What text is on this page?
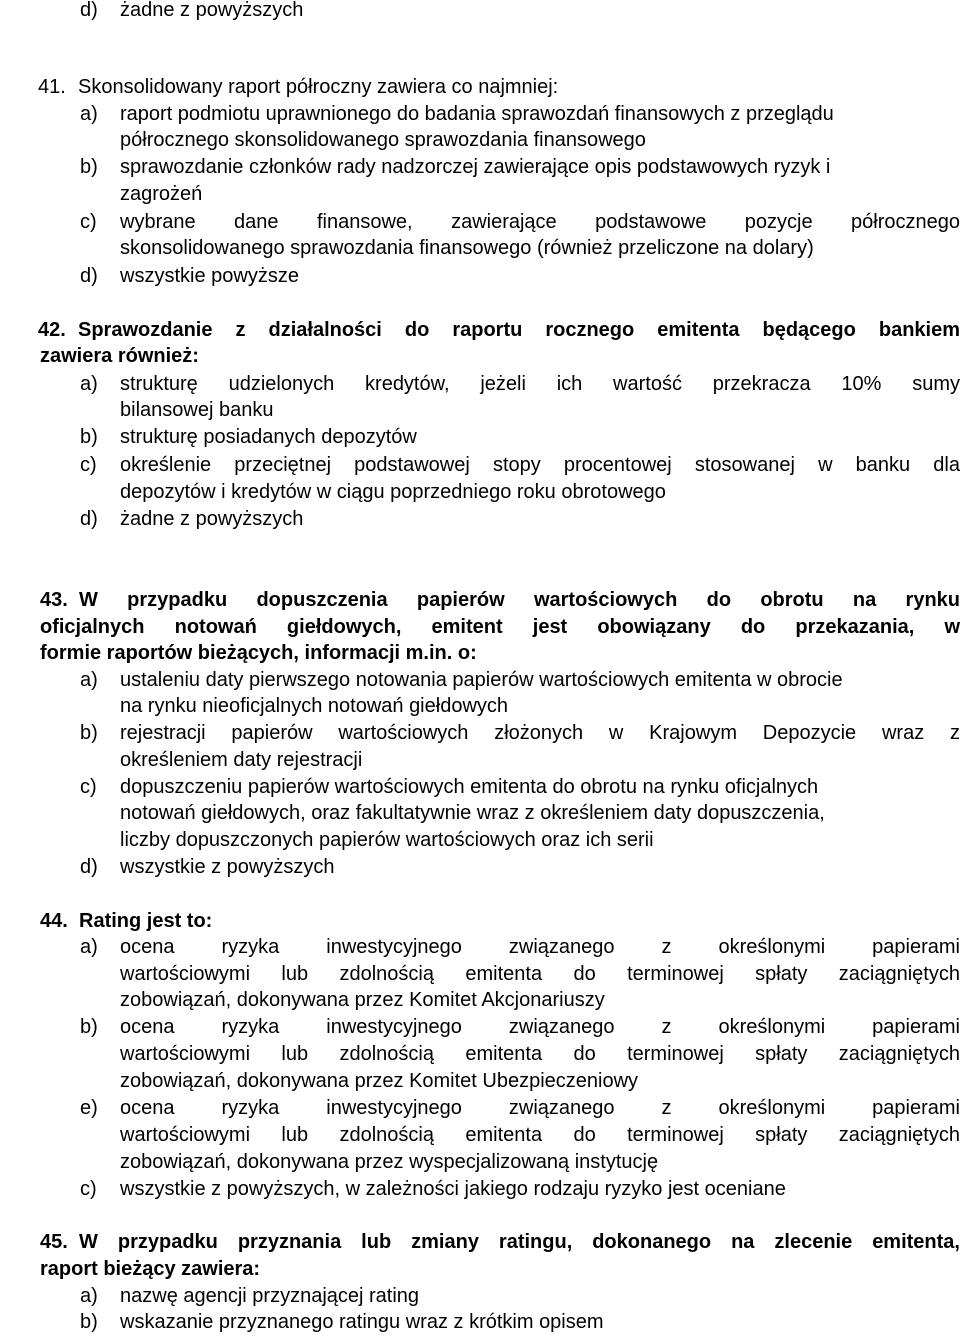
d) żadne z powyższych
41. Skonsolidowany raport półroczny zawiera co najmniej:
a) raport podmiotu uprawnionego do badania sprawozdań finansowych z przeglądu
półrocznego skonsolidowanego sprawozdania finansowego
b) sprawozdanie członków rady nadzorczej zawierające opis podstawowych ryzyk i
zagrożeń
c) wybrane dane finansowe, zawierające podstawowe pozycje półrocznego
skonsolidowanego sprawozdania finansowego (również przeliczone na dolary)
d) wszystkie powyższe
42. Sprawozdanie z działalności do raportu rocznego emitenta będącego bankiem
zawiera również:
a) strukturę udzielonych kredytów, jeżeli ich wartość przekracza 10% sumy
bilansowej banku
b) strukturę posiadanych depozytów
c) określenie przeciętnej podstawowej stopy procentowej stosowanej w banku dla
depozytów i kredytów w ciągu poprzedniego roku obrotowego
d) żadne z powyższych
43. W przypadku dopuszczenia papierów wartościowych do obrotu na rynku
oficjalnych notowań giełdowych, emitent jest obowiązany do przekazania, w
formie raportów bieżących, informacji m.in. o:
a) ustaleniu daty pierwszego notowania papierów wartościowych emitenta w obrocie
na rynku nieoficjalnych notowań giełdowych
b) rejestracji papierów wartościowych złożonych w Krajowym Depozycie wraz z
określeniem daty rejestracji
c) dopuszczeniu papierów wartościowych emitenta do obrotu na rynku oficjalnych
notowań giełdowych, oraz fakultatywnie wraz z określeniem daty dopuszczenia,
liczby dopuszczonych papierów wartościowych oraz ich serii
d) wszystkie z powyższych
44. Rating jest to:
a) ocena ryzyka inwestycyjnego związanego z określonymi papierami
wartościowymi lub zdolnością emitenta do terminowej spłaty zaciągniętych
zobowiązań, dokonywana przez Komitet Akcjonariuszy
b) ocena ryzyka inwestycyjnego związanego z określonymi papierami
wartościowymi lub zdolnością emitenta do terminowej spłaty zaciągniętych
zobowiązań, dokonywana przez Komitet Ubezpieczeniowy
e) ocena ryzyka inwestycyjnego związanego z określonymi papierami
wartościowymi lub zdolnością emitenta do terminowej spłaty zaciągniętych
zobowiązań, dokonywana przez wyspecjalizowaną instytucję
c) wszystkie z powyższych, w zależności jakiego rodzaju ryzyko jest oceniane
45. W przypadku przyznania lub zmiany ratingu, dokonanego na zlecenie emitenta,
raport bieżący zawiera:
a) nazwę agencji przyznającej rating
b) wskazanie przyznanego ratingu wraz z krótkim opisem
